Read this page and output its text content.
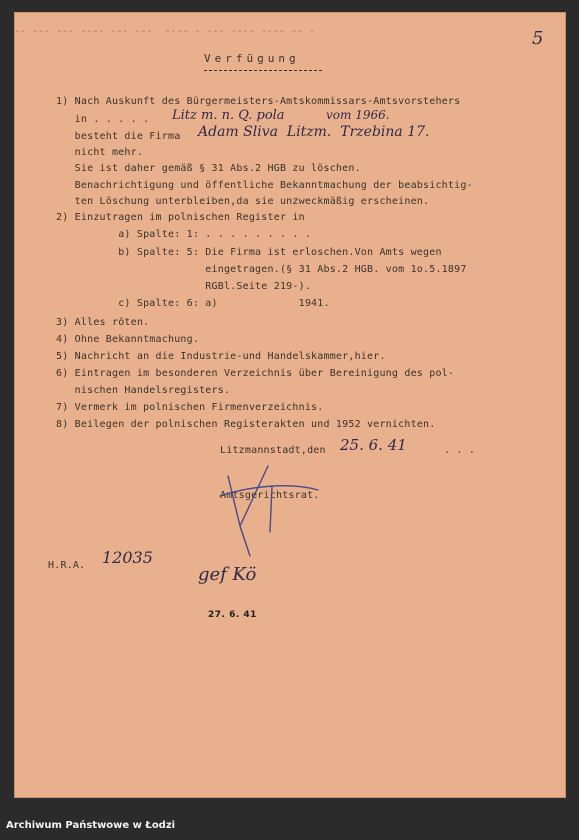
-- --- --- ---- --- ---  ---- - --- ---- ---- -- -	5
Verfügung
1) Nach Auskunft des Bürgermeisters-Amtskommissars-Amtsvorstehers
in . . . . . Litz m. n. Q. pola	vom 1966.
besteht die Firma Adam Sliva  Litzm.  Trzebina 17.
nicht mehr.
Sie ist daher gemäß § 31 Abs.2 HGB zu löschen.
Benachrichtigung und öffentliche Bekanntmachung der beabsichtig-
ten Löschung unterbleiben,da sie unzweckmäßig erscheinen.
2) Einzutragen im polnischen Register in
a) Spalte: 1: . . . . . . . . .
b) Spalte: 5: Die Firma ist erloschen.Von Amts wegen
eingetragen.(§ 31 Abs.2 HGB. vom 1o.5.1897
RGBl.Seite 219-).
c) Spalte: 6: a)             1941.
3) Alles röten.
4) Ohne Bekanntmachung.
5) Nachricht an die Industrie-und Handelskammer,hier.
6) Eintragen im besonderen Verzeichnis über Bereinigung des pol-
nischen Handelsregisters.
7) Vermerk im polnischen Firmenverzeichnis.
8) Beilegen der polnischen Registerakten und 1952 vernichten.
Litzmannstadt,den 25. 6. 41	. . .
Amtsgerichtsrat.
H.R.A. 12035
gef Kö
27. 6. 41
Archiwum Państwowe w Łodzi
